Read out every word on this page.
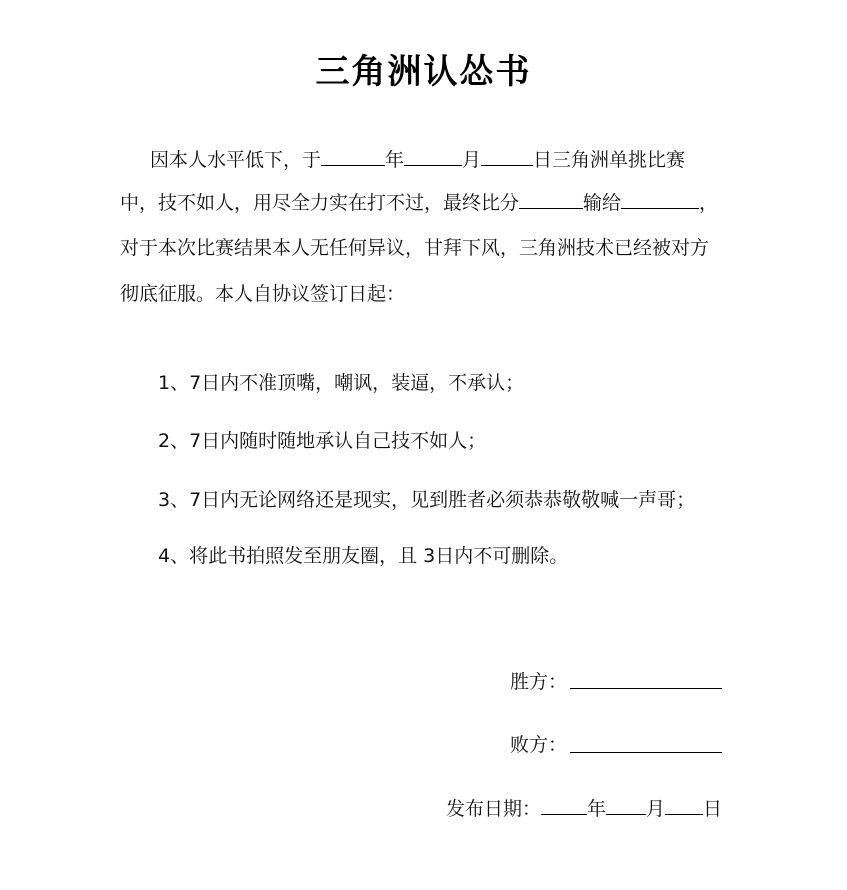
三角洲认怂书
因本人水平低下，于	年	月	日三角洲单挑比赛
中，技不如人，用尽全力实在打不过，最终比分	输给	，
对于本次比赛结果本人无任何异议，甘拜下风，三角洲技术已经被对方
彻底征服。本人自协议签订日起：
1、7日内不准顶嘴，嘲讽，装逼，不承认；
2、7日内随时随地承认自己技不如人；
3、7日内无论网络还是现实，见到胜者必须恭恭敬敬喊一声哥；
4、将此书拍照发至朋友圈，且 3日内不可删除。
胜方：
败方：
发布日期： 年 月 日
